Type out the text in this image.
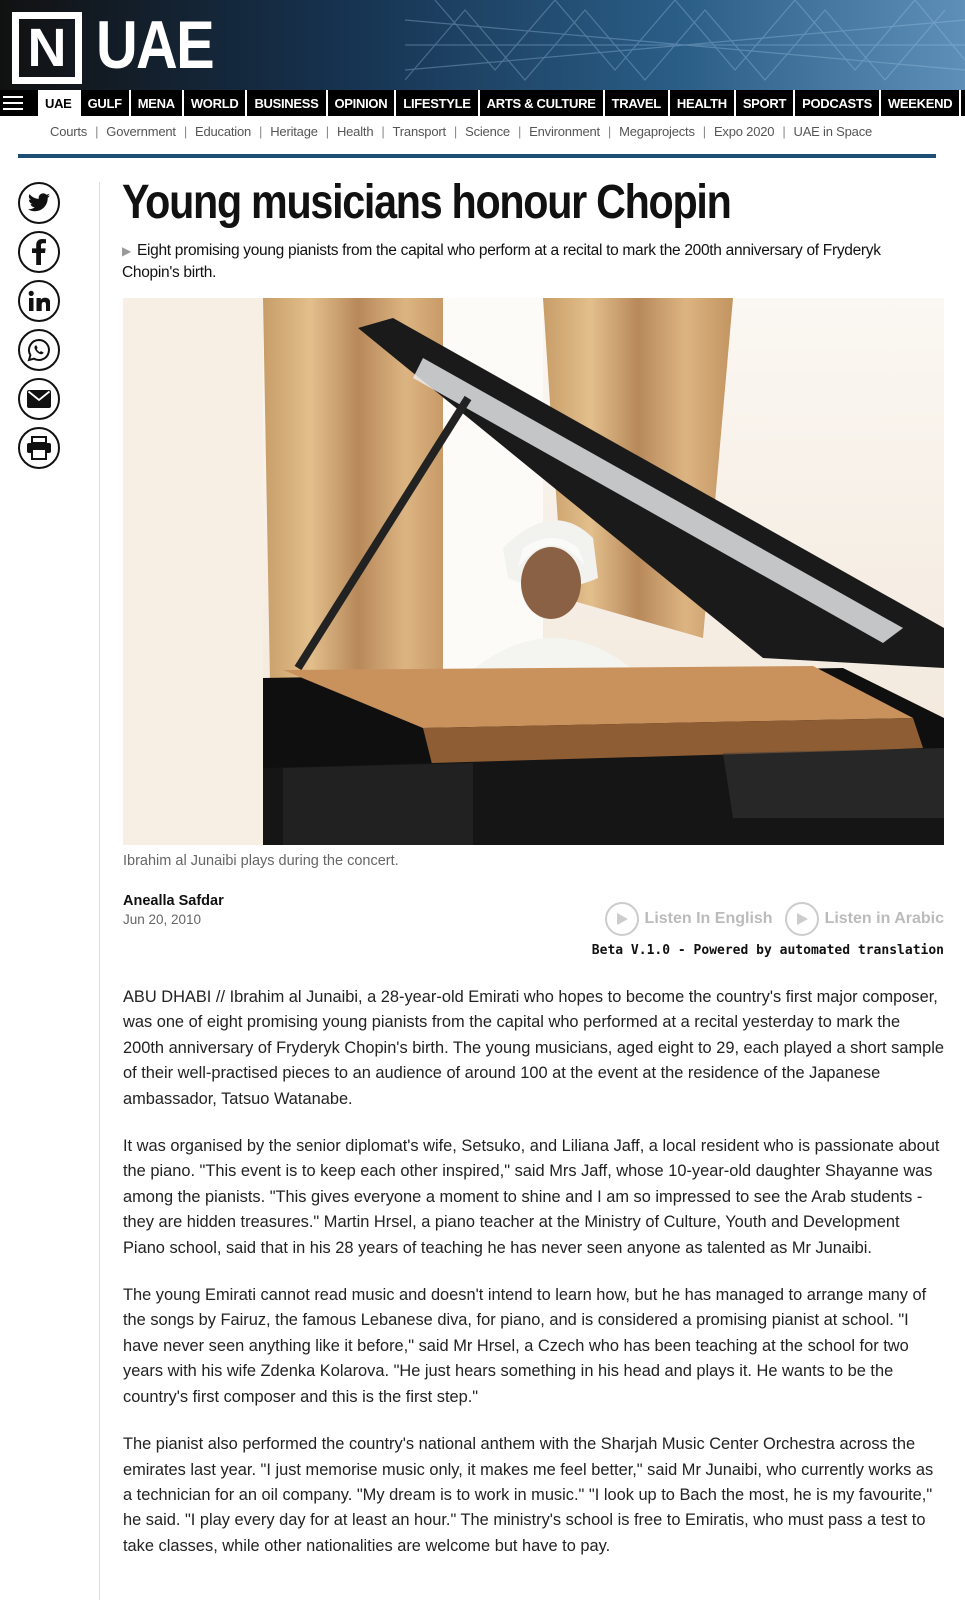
N UAE
UAE	GULF	MENA	WORLD	BUSINESS	OPINION	LIFESTYLE	ARTS & CULTURE	TRAVEL	HEALTH	SPORT	PODCASTS	WEEKEND
Courts | Government | Education | Heritage | Health | Transport | Science | Environment | Megaprojects | Expo 2020 | UAE in Space
Young musicians honour Chopin
▶ Eight promising young pianists from the capital who perform at a recital to mark the 200th anniversary of Fryderyk Chopin's birth.
Ibrahim al Junaibi plays during the concert.
Anealla Safdar
Jun 20, 2010	Listen In English	Listen in Arabic
Beta V.1.0 - Powered by automated translation

ABU DHABI // Ibrahim al Junaibi, a 28-year-old Emirati who hopes to become the country's first major composer, was one of eight promising young pianists from the capital who performed at a recital yesterday to mark the 200th anniversary of Fryderyk Chopin's birth. The young musicians, aged eight to 29, each played a short sample of their well-practised pieces to an audience of around 100 at the event at the residence of the Japanese ambassador, Tatsuo Watanabe.

It was organised by the senior diplomat's wife, Setsuko, and Liliana Jaff, a local resident who is passionate about the piano. "This event is to keep each other inspired," said Mrs Jaff, whose 10-year-old daughter Shayanne was among the pianists. "This gives everyone a moment to shine and I am so impressed to see the Arab students - they are hidden treasures." Martin Hrsel, a piano teacher at the Ministry of Culture, Youth and Development Piano school, said that in his 28 years of teaching he has never seen anyone as talented as Mr Junaibi.

The young Emirati cannot read music and doesn't intend to learn how, but he has managed to arrange many of the songs by Fairuz, the famous Lebanese diva, for piano, and is considered a promising pianist at school. "I have never seen anything like it before," said Mr Hrsel, a Czech who has been teaching at the school for two years with his wife Zdenka Kolarova. "He just hears something in his head and plays it. He wants to be the country's first composer and this is the first step."

The pianist also performed the country's national anthem with the Sharjah Music Center Orchestra across the emirates last year. "I just memorise music only, it makes me feel better," said Mr Junaibi, who currently works as a technician for an oil company. "My dream is to work in music." "I look up to Bach the most, he is my favourite," he said. "I play every day for at least an hour." The ministry's school is free to Emiratis, who must pass a test to take classes, while other nationalities are welcome but have to pay.
